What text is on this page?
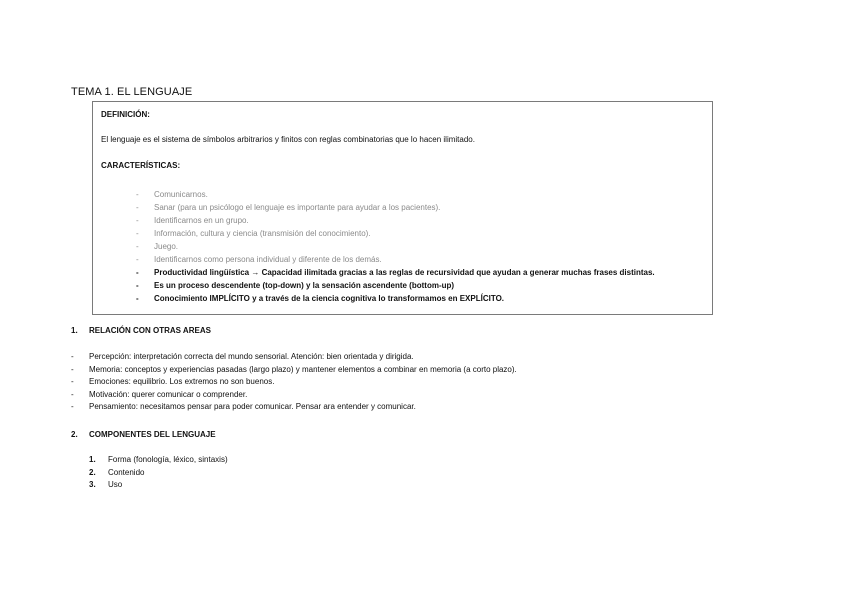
TEMA 1. EL LENGUAJE
DEFINICIÓN:
El lenguaje es el sistema de símbolos arbitrarios y finitos con reglas combinatorias que lo hacen ilimitado.
CARACTERÍSTICAS:
- Comunicarnos.
- Sanar (para un psicólogo el lenguaje es importante para ayudar a los pacientes).
- Identificarnos en un grupo.
- Información, cultura y ciencia (transmisión del conocimiento).
- Juego.
- Identificarnos como persona individual y diferente de los demás.
- Productividad lingüística → Capacidad ilimitada gracias a las reglas de recursividad que ayudan a generar muchas frases distintas.
- Es un proceso descendente (top-down) y la sensación ascendente (bottom-up)
- Conocimiento IMPLÍCITO y a través de la ciencia cognitiva lo transformamos en EXPLÍCITO.
1. RELACIÓN CON OTRAS AREAS
- Percepción: interpretación correcta del mundo sensorial. Atención: bien orientada y dirigida.
- Memoria: conceptos y experiencias pasadas (largo plazo) y mantener elementos a combinar en memoria (a corto plazo).
- Emociones: equilibrio. Los extremos no son buenos.
- Motivación: querer comunicar o comprender.
- Pensamiento: necesitamos pensar para poder comunicar. Pensar ara entender y comunicar.
2. COMPONENTES DEL LENGUAJE
1. Forma (fonología, léxico, sintaxis)
2. Contenido
3. Uso
